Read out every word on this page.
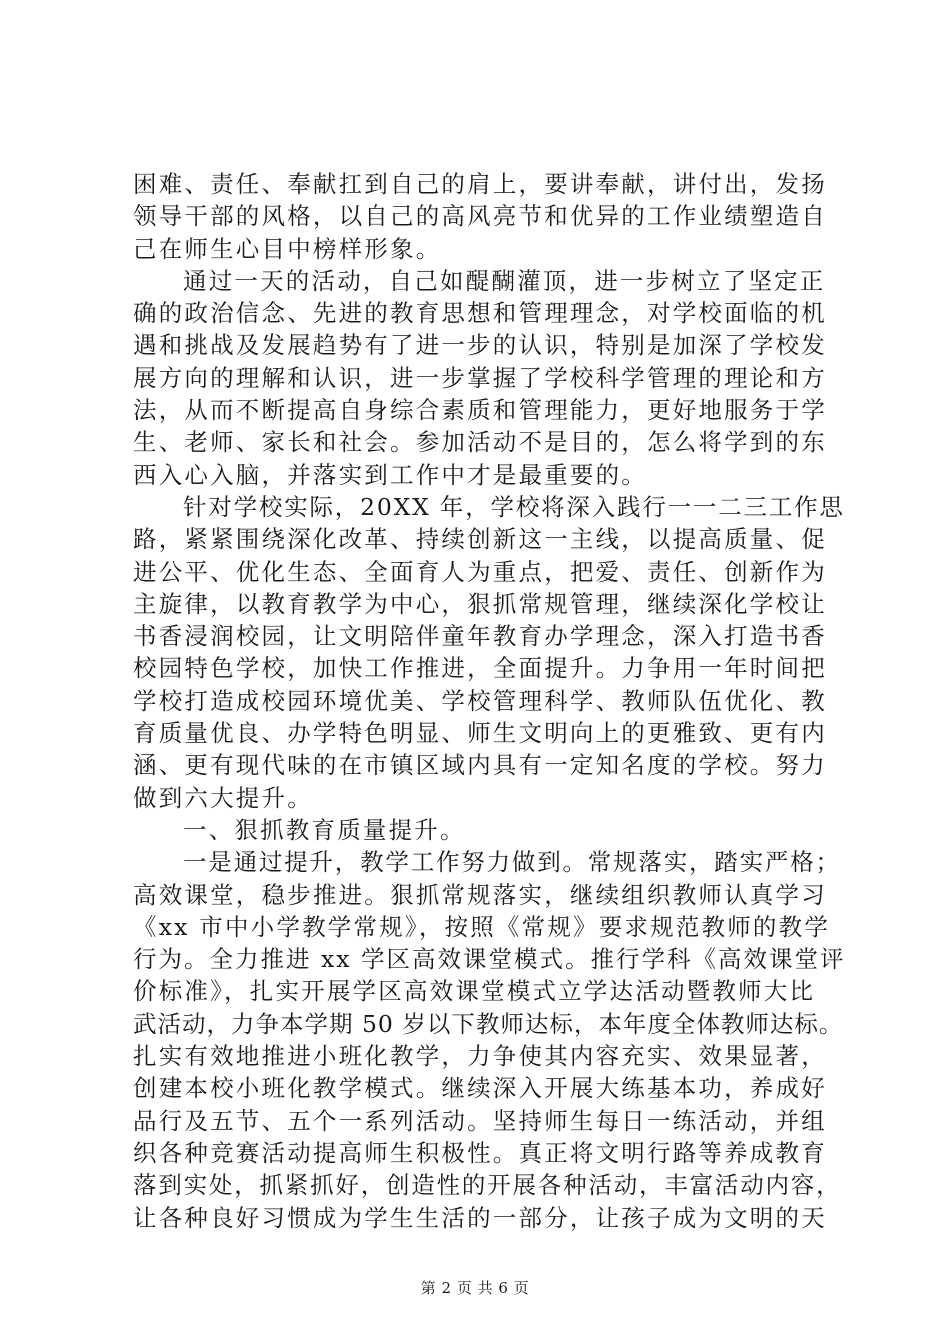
困难、责任、奉献扛到自己的肩上，要讲奉献，讲付出，发扬
领导干部的风格，以自己的高风亮节和优异的工作业绩塑造自
己在师生心目中榜样形象。
通过一天的活动，自己如醍醐灌顶，进一步树立了坚定正
确的政治信念、先进的教育思想和管理理念，对学校面临的机
遇和挑战及发展趋势有了进一步的认识，特别是加深了学校发
展方向的理解和认识，进一步掌握了学校科学管理的理论和方
法，从而不断提高自身综合素质和管理能力，更好地服务于学
生、老师、家长和社会。参加活动不是目的，怎么将学到的东
西入心入脑，并落实到工作中才是最重要的。
针对学校实际，20XX 年，学校将深入践行一一二三工作思
路，紧紧围绕深化改革、持续创新这一主线，以提高质量、促
进公平、优化生态、全面育人为重点，把爱、责任、创新作为
主旋律，以教育教学为中心，狠抓常规管理，继续深化学校让
书香浸润校园，让文明陪伴童年教育办学理念，深入打造书香
校园特色学校，加快工作推进，全面提升。力争用一年时间把
学校打造成校园环境优美、学校管理科学、教师队伍优化、教
育质量优良、办学特色明显、师生文明向上的更雅致、更有内
涵、更有现代味的在市镇区域内具有一定知名度的学校。努力
做到六大提升。
一、狠抓教育质量提升。
一是通过提升，教学工作努力做到。常规落实，踏实严格；
高效课堂，稳步推进。狠抓常规落实，继续组织教师认真学习
《xx 市中小学教学常规》，按照《常规》要求规范教师的教学
行为。全力推进 xx 学区高效课堂模式。推行学科《高效课堂评
价标准》，扎实开展学区高效课堂模式立学达活动暨教师大比
武活动，力争本学期 50 岁以下教师达标，本年度全体教师达标。
扎实有效地推进小班化教学，力争使其内容充实、效果显著，
创建本校小班化教学模式。继续深入开展大练基本功，养成好
品行及五节、五个一系列活动。坚持师生每日一练活动，并组
织各种竞赛活动提高师生积极性。真正将文明行路等养成教育
落到实处，抓紧抓好，创造性的开展各种活动，丰富活动内容，
让各种良好习惯成为学生生活的一部分，让孩子成为文明的天
第 2 页 共 6 页
